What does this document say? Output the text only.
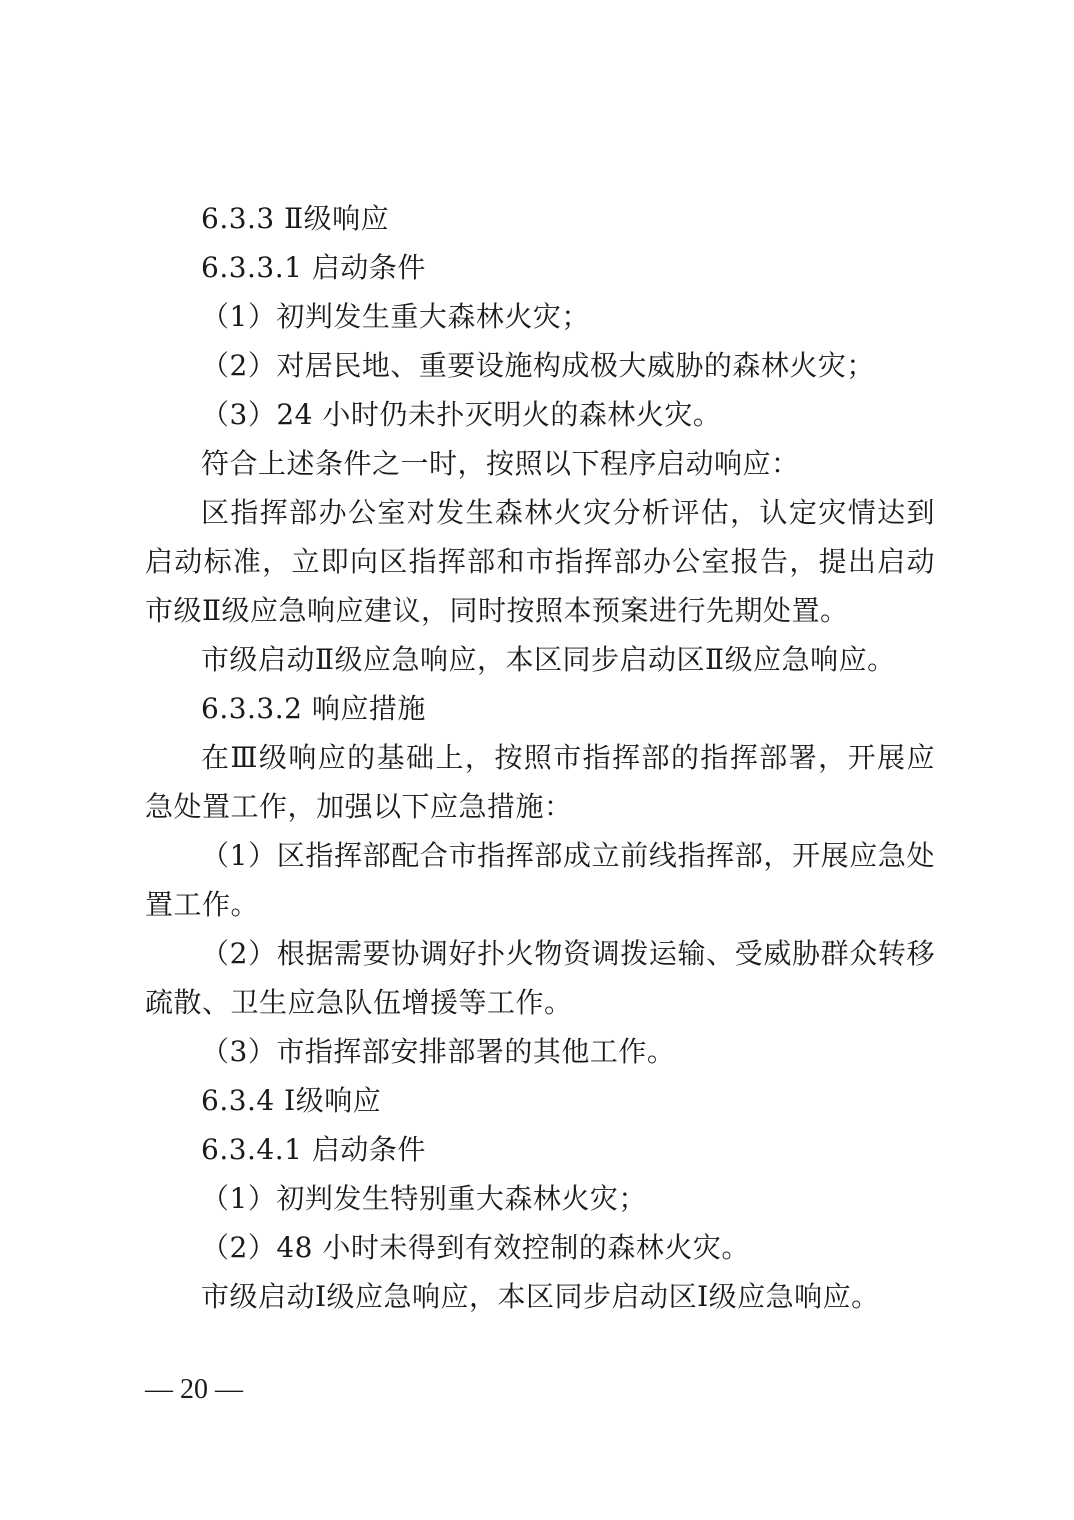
6.3.3 Ⅱ级响应

6.3.3.1 启动条件

（1）初判发生重大森林火灾；

（2）对居民地、重要设施构成极大威胁的森林火灾；

（3）24 小时仍未扑灭明火的森林火灾。

符合上述条件之一时，按照以下程序启动响应：

区指挥部办公室对发生森林火灾分析评估，认定灾情达到启动标准，立即向区指挥部和市指挥部办公室报告，提出启动市级Ⅱ级应急响应建议，同时按照本预案进行先期处置。

市级启动Ⅱ级应急响应，本区同步启动区Ⅱ级应急响应。

6.3.3.2 响应措施

在Ⅲ级响应的基础上，按照市指挥部的指挥部署，开展应急处置工作，加强以下应急措施：

（1）区指挥部配合市指挥部成立前线指挥部，开展应急处置工作。

（2）根据需要协调好扑火物资调拨运输、受威胁群众转移疏散、卫生应急队伍增援等工作。

（3）市指挥部安排部署的其他工作。

6.3.4 Ⅰ级响应

6.3.4.1 启动条件

（1）初判发生特别重大森林火灾；

（2）48 小时未得到有效控制的森林火灾。

市级启动Ⅰ级应急响应，本区同步启动区Ⅰ级应急响应。

— 20 —
